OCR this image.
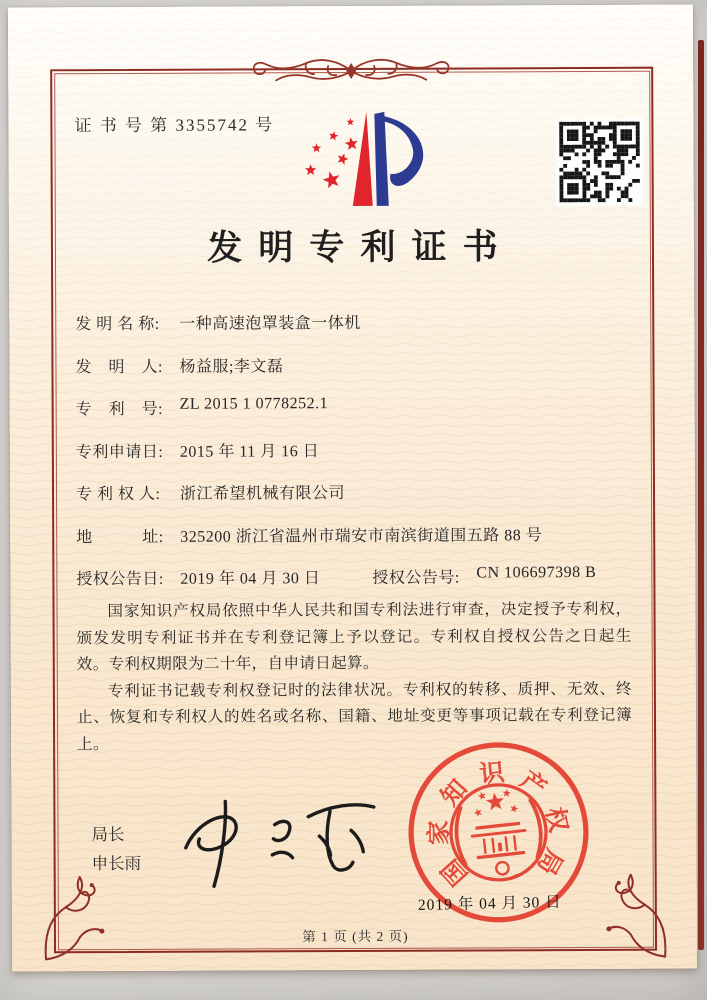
证 书 号 第 3355742 号
发明专利证书
发 明 名 称:	一种高速泡罩装盒一体机
发　明　人:	杨益服;李文磊
专　利　号:	ZL 2015 1 0778252.1
专利申请日:	2015 年 11 月 16 日
专 利 权 人:	浙江希望机械有限公司
地　　　址:	325200 浙江省温州市瑞安市南滨街道围五路 88 号
授权公告日:	2019 年 04 月 30 日	授权公告号:	CN 106697398 B

国家知识产权局依照中华人民共和国专利法进行审查，决定授予专利权，颁发发明专利证书并在专利登记簿上予以登记。专利权自授权公告之日起生效。专利权期限为二十年，自申请日起算。

专利证书记载专利权登记时的法律状况。专利权的转移、质押、无效、终止、恢复和专利权人的姓名或名称、国籍、地址变更等事项记载在专利登记簿上。

局长
申长雨	国
家
知
识 产
权
局
2019 年 04 月 30 日
第 1 页 (共 2 页)
